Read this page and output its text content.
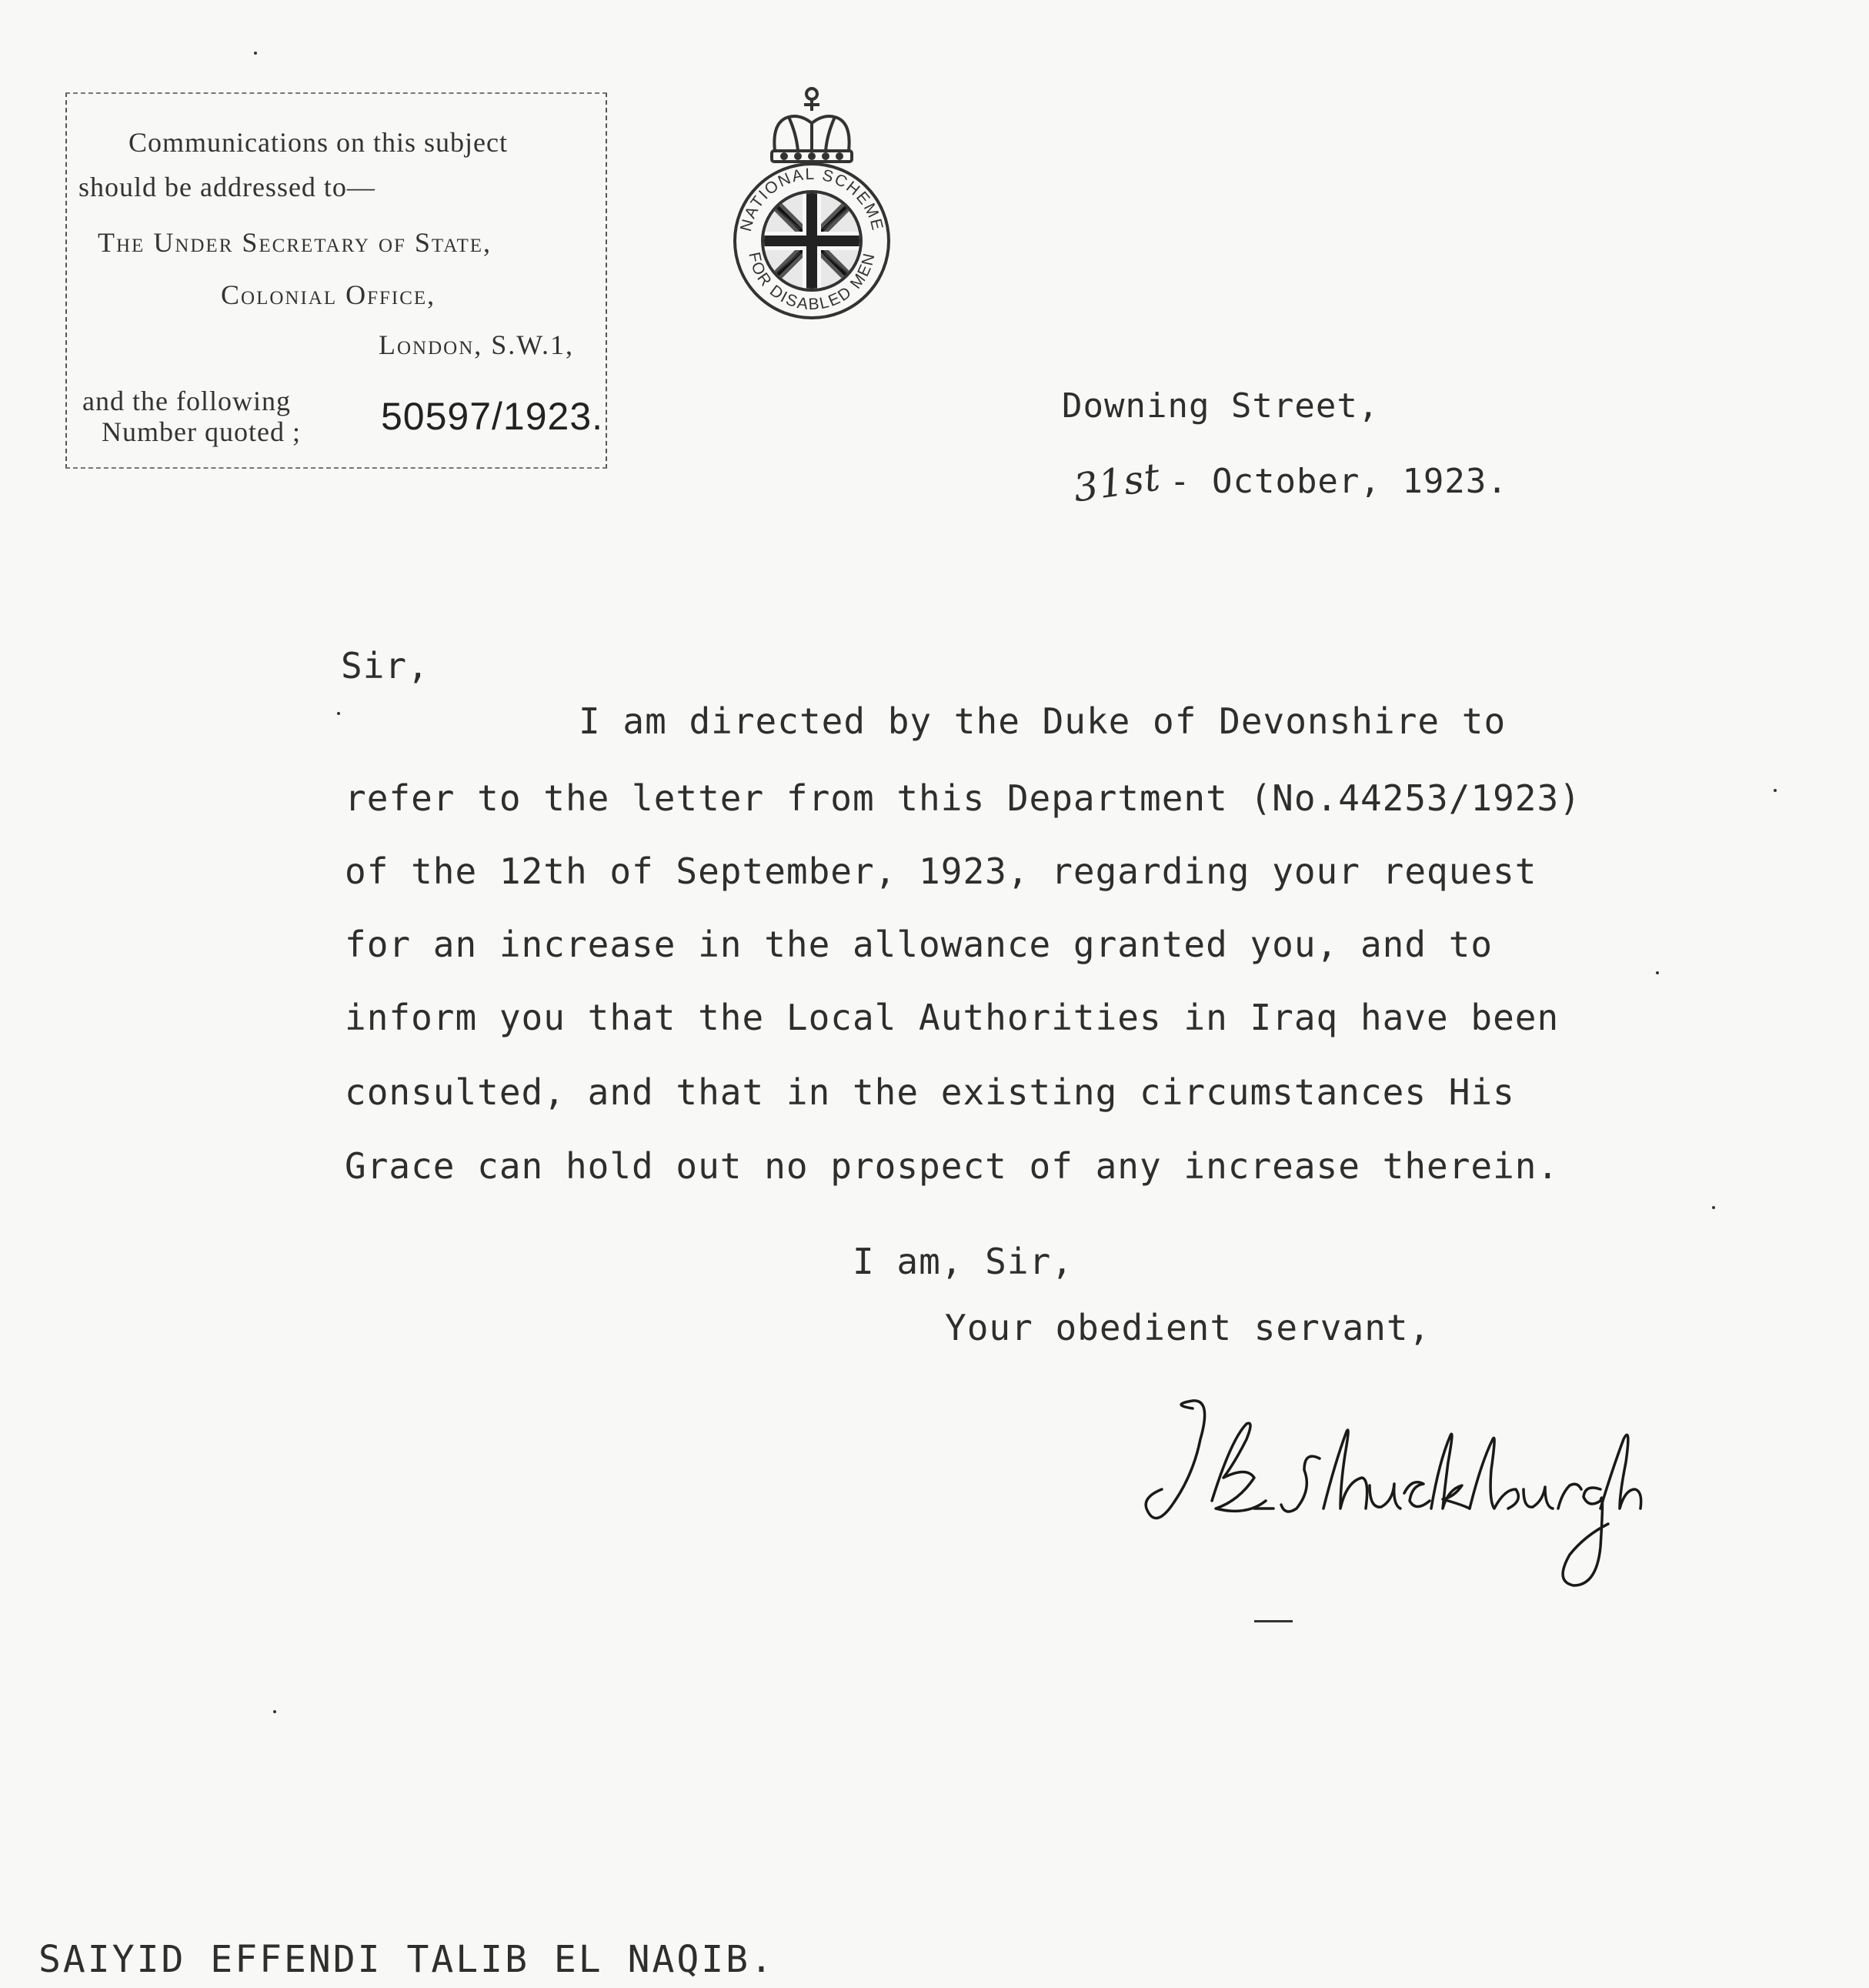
Communications on this subject
should be addressed to—
The Under Secretary of State,
Colonial Office,
London, S.W.1,
and the following
Number quoted ; 50597/1923.
NATIONAL SCHEME
FOR DISABLED MEN
Downing Street,
31st - October, 1923.
Sir,
I am directed by the Duke of Devonshire to
refer to the letter from this Department (No.44253/1923)
of the 12th of September, 1923, regarding your request
for an increase in the allowance granted you, and to
inform you that the Local Authorities in Iraq have been
consulted, and that in the existing circumstances His
Grace can hold out no prospect of any increase therein.
I am, Sir,
Your obedient servant,
SAIYID EFFENDI TALIB EL NAQIB.
